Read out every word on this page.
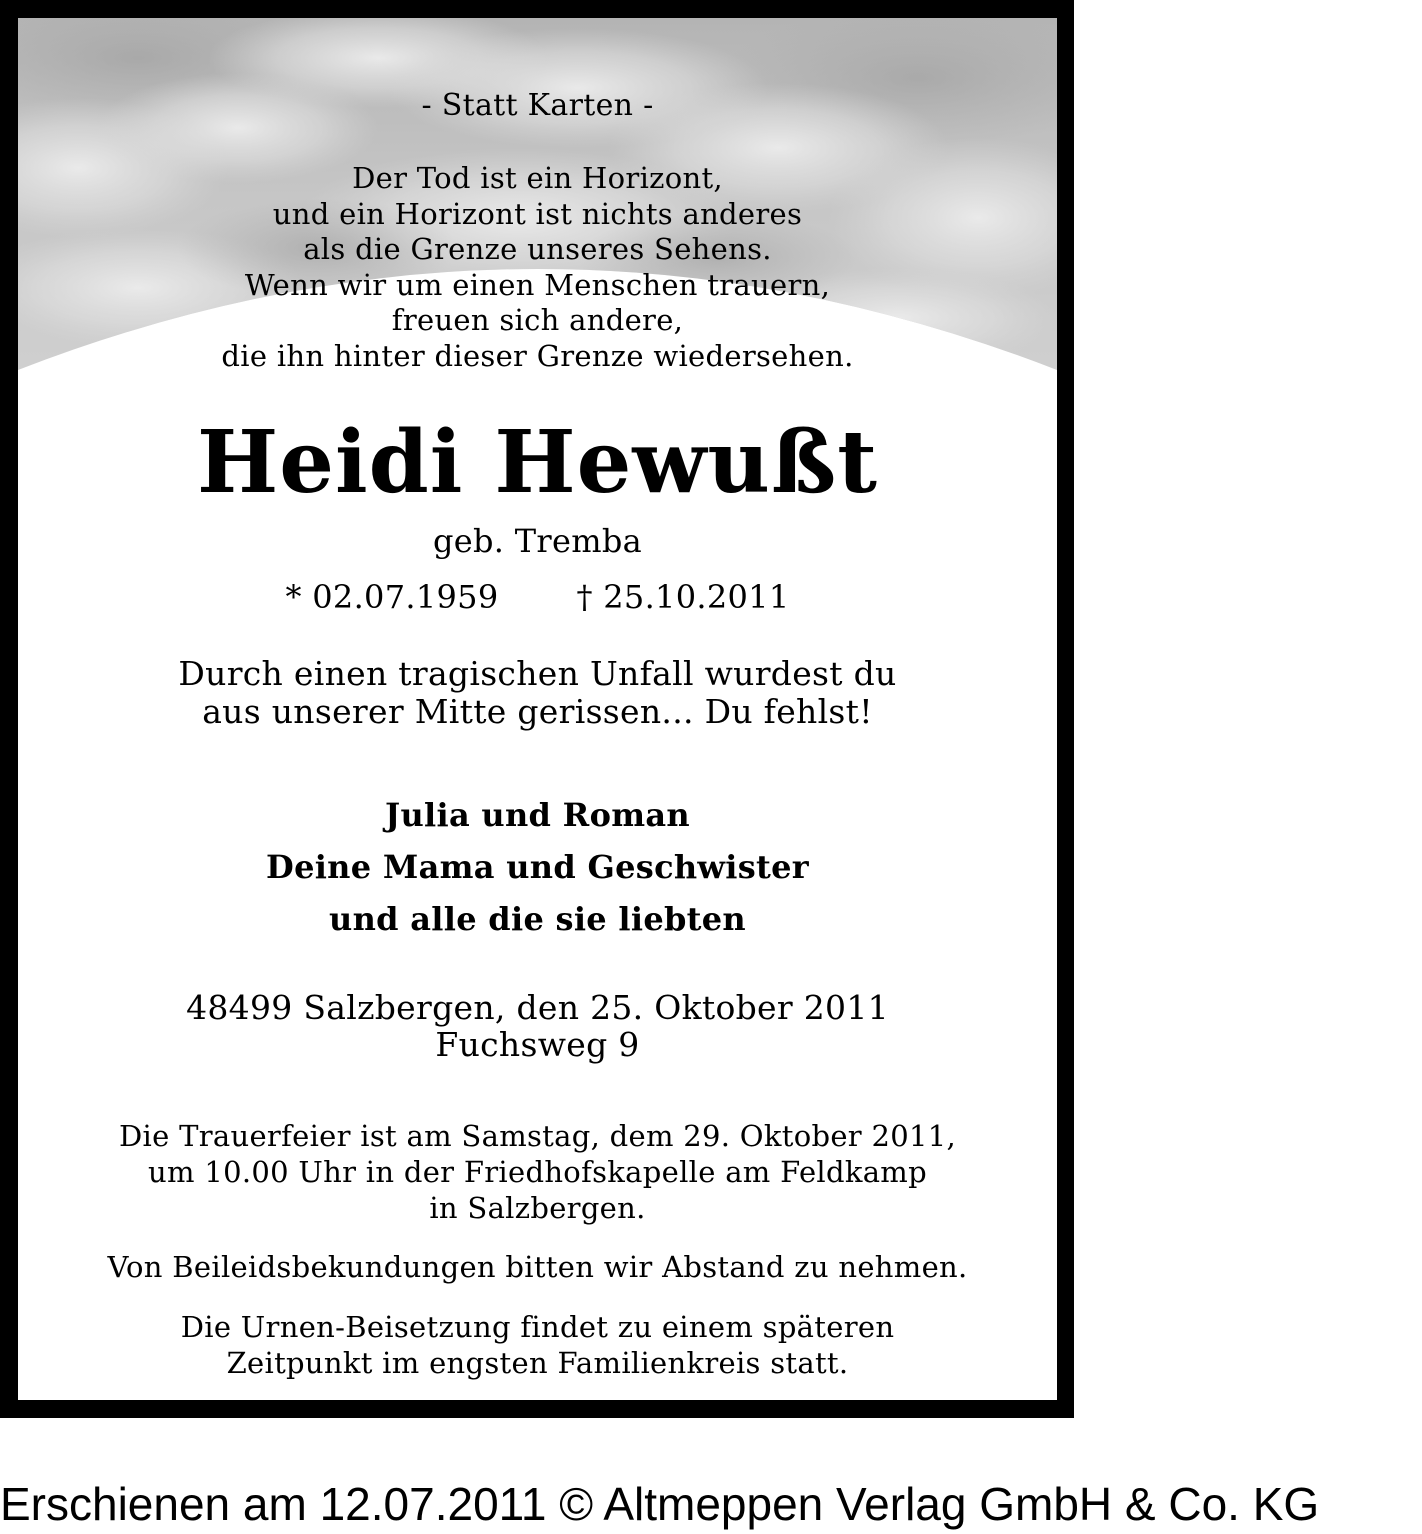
- Statt Karten -
Der Tod ist ein Horizont,
und ein Horizont ist nichts anderes
als die Grenze unseres Sehens.
Wenn wir um einen Menschen trauern,
freuen sich andere,
die ihn hinter dieser Grenze wiedersehen.
Heidi Hewußt
geb. Tremba
* 02.07.1959 † 25.10.2011
Durch einen tragischen Unfall wurdest du
aus unserer Mitte gerissen... Du fehlst!
Julia und Roman
Deine Mama und Geschwister
und alle die sie liebten
48499 Salzbergen, den 25. Oktober 2011
Fuchsweg 9
Die Trauerfeier ist am Samstag, dem 29. Oktober 2011,
um 10.00 Uhr in der Friedhofskapelle am Feldkamp
in Salzbergen.
Von Beileidsbekundungen bitten wir Abstand zu nehmen.
Die Urnen-Beisetzung findet zu einem späteren
Zeitpunkt im engsten Familienkreis statt.
Erschienen am 12.07.2011 © Altmeppen Verlag GmbH & Co. KG
